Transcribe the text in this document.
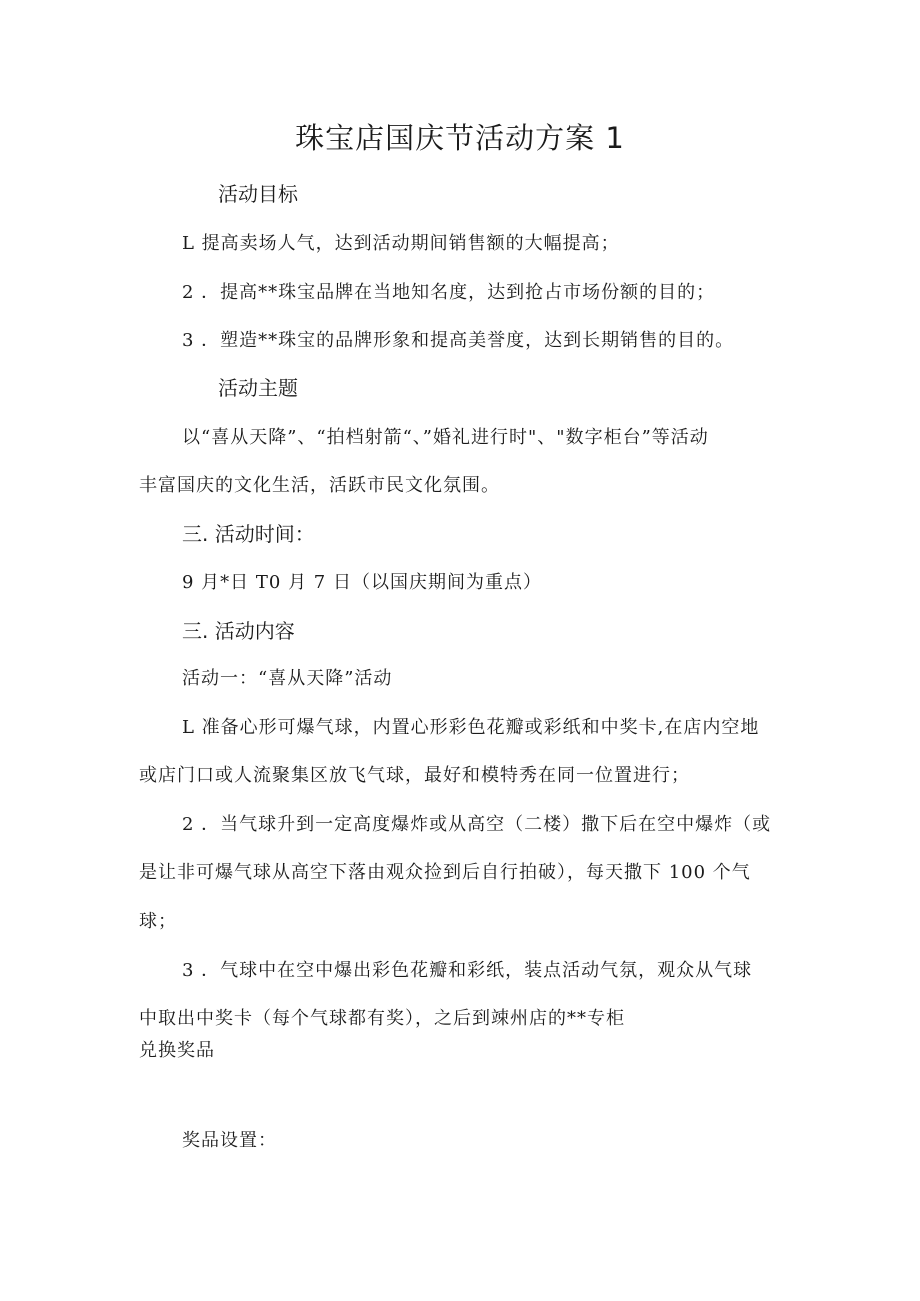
珠宝店国庆节活动方案 1
活动目标
L 提高卖场人气，达到活动期间销售额的大幅提高；
2 ．提高**珠宝品牌在当地知名度，达到抢占市场份额的目的；
3 ．塑造**珠宝的品牌形象和提高美誉度，达到长期销售的目的。
活动主题
以“喜从天降”、“拍档射箭“、”婚礼进行时"、"数字柜台”等活动
丰富国庆的文化生活，活跃市民文化氛围。
三. 活动时间：
9 月*日 T0 月 7 日（以国庆期间为重点）
三. 活动内容
活动一：“喜从天降”活动
L 准备心形可爆气球，内置心形彩色花瓣或彩纸和中奖卡,在店内空地
或店门口或人流聚集区放飞气球，最好和模特秀在同一位置进行；
2 ．当气球升到一定高度爆炸或从高空（二楼）撒下后在空中爆炸（或
是让非可爆气球从高空下落由观众捡到后自行拍破），每天撒下 100 个气
球；
3 ．气球中在空中爆出彩色花瓣和彩纸，装点活动气氛，观众从气球
中取出中奖卡（每个气球都有奖），之后到竦州店的**专柜
兑换奖品
奖品设置：
